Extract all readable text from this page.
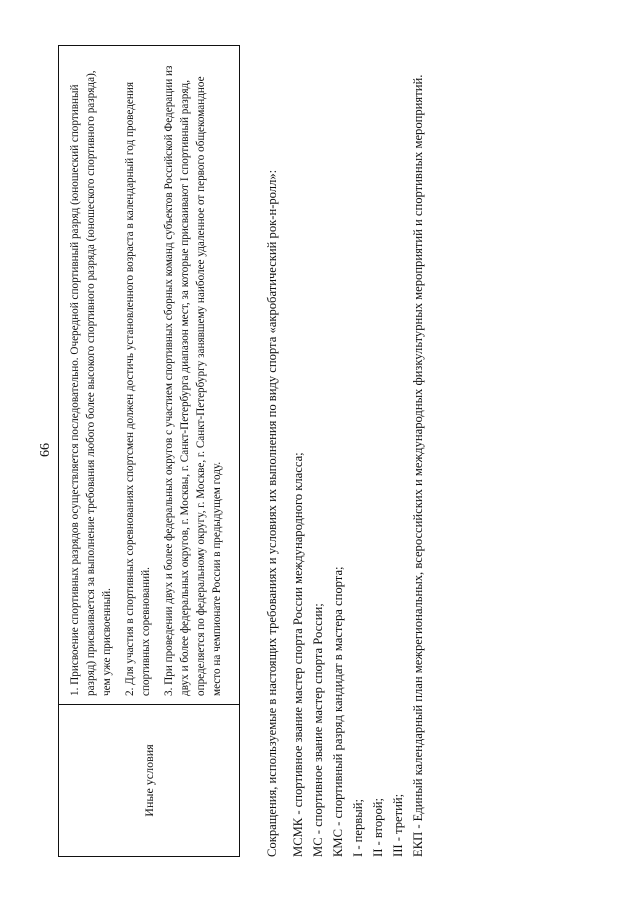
66
Иные условия

1. Присвоение спортивных разрядов осуществляется последовательно. Очередной спортивный разряд (юношеский спортивный разряд) присваивается за выполнение требования любого более высокого спортивного разряда (юношеского спортивного разряда), чем уже присвоенный. 2. Для участия в спортивных соревнованиях спортсмен должен достичь установленного возраста в календарный год проведения спортивных соревнований. 3. При проведении двух и более федеральных округов с участием спортивных сборных команд субъектов Российской Федерации из двух и более федеральных округов, г. Москвы, г. Санкт-Петербурга диапазон мест, за которые присваивают I спортивный разряд, определяется по федеральному округу, г. Москве, г. Санкт-Петербургу занявшему наиболее удаленное от первого общекомандное место на чемпионате России в предыдущем году.	Сокращения, используемые в настоящих требованиях и условиях их выполнения по виду спорта «акробатический рок-н-ролл»: МСМК - спортивное звание мастер спорта России международного класса; МС - спортивное звание мастер спорта России; КМС - спортивный разряд кандидат в мастера спорта; I - первый; II - второй; III - третий; ЕКП - Единый календарный план межрегиональных, всероссийских и международных физкультурных мероприятий и спортивных мероприятий.
